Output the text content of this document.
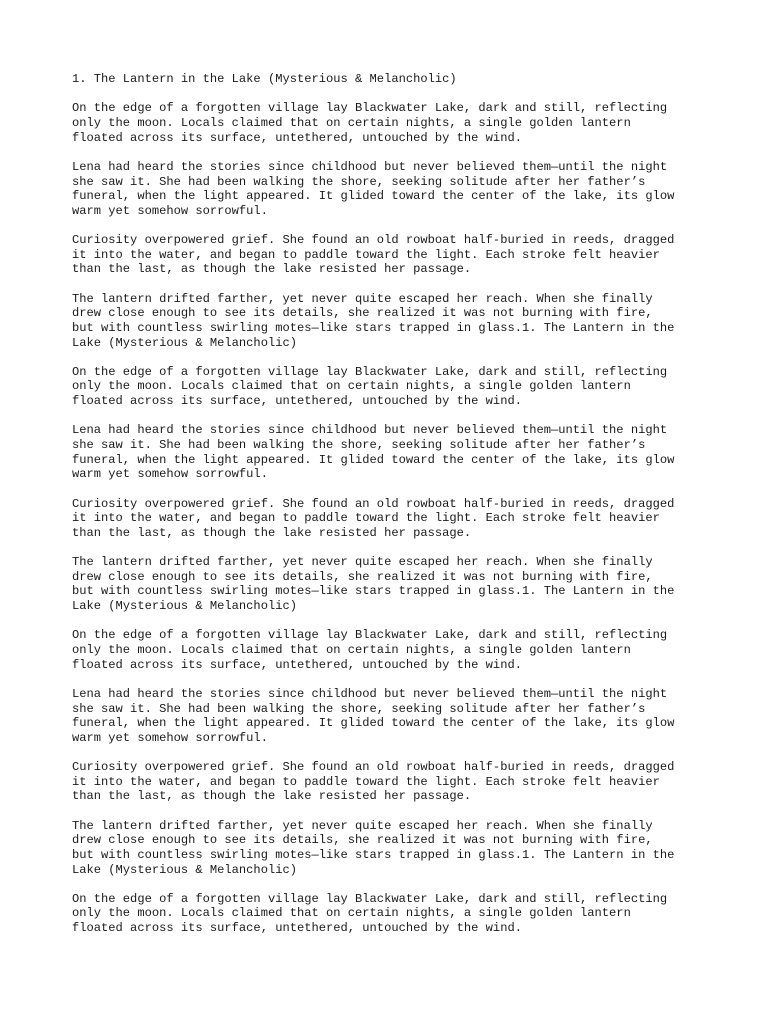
1. The Lantern in the Lake (Mysterious & Melancholic)
On the edge of a forgotten village lay Blackwater Lake, dark and still, reflecting
only the moon. Locals claimed that on certain nights, a single golden lantern
floated across its surface, untethered, untouched by the wind.
Lena had heard the stories since childhood but never believed them—until the night
she saw it. She had been walking the shore, seeking solitude after her father’s
funeral, when the light appeared. It glided toward the center of the lake, its glow
warm yet somehow sorrowful.
Curiosity overpowered grief. She found an old rowboat half-buried in reeds, dragged
it into the water, and began to paddle toward the light. Each stroke felt heavier
than the last, as though the lake resisted her passage.
The lantern drifted farther, yet never quite escaped her reach. When she finally
drew close enough to see its details, she realized it was not burning with fire,
but with countless swirling motes—like stars trapped in glass.1. The Lantern in the
Lake (Mysterious & Melancholic)
On the edge of a forgotten village lay Blackwater Lake, dark and still, reflecting
only the moon. Locals claimed that on certain nights, a single golden lantern
floated across its surface, untethered, untouched by the wind.
Lena had heard the stories since childhood but never believed them—until the night
she saw it. She had been walking the shore, seeking solitude after her father’s
funeral, when the light appeared. It glided toward the center of the lake, its glow
warm yet somehow sorrowful.
Curiosity overpowered grief. She found an old rowboat half-buried in reeds, dragged
it into the water, and began to paddle toward the light. Each stroke felt heavier
than the last, as though the lake resisted her passage.
The lantern drifted farther, yet never quite escaped her reach. When she finally
drew close enough to see its details, she realized it was not burning with fire,
but with countless swirling motes—like stars trapped in glass.1. The Lantern in the
Lake (Mysterious & Melancholic)
On the edge of a forgotten village lay Blackwater Lake, dark and still, reflecting
only the moon. Locals claimed that on certain nights, a single golden lantern
floated across its surface, untethered, untouched by the wind.
Lena had heard the stories since childhood but never believed them—until the night
she saw it. She had been walking the shore, seeking solitude after her father’s
funeral, when the light appeared. It glided toward the center of the lake, its glow
warm yet somehow sorrowful.
Curiosity overpowered grief. She found an old rowboat half-buried in reeds, dragged
it into the water, and began to paddle toward the light. Each stroke felt heavier
than the last, as though the lake resisted her passage.
The lantern drifted farther, yet never quite escaped her reach. When she finally
drew close enough to see its details, she realized it was not burning with fire,
but with countless swirling motes—like stars trapped in glass.1. The Lantern in the
Lake (Mysterious & Melancholic)
On the edge of a forgotten village lay Blackwater Lake, dark and still, reflecting
only the moon. Locals claimed that on certain nights, a single golden lantern
floated across its surface, untethered, untouched by the wind.
